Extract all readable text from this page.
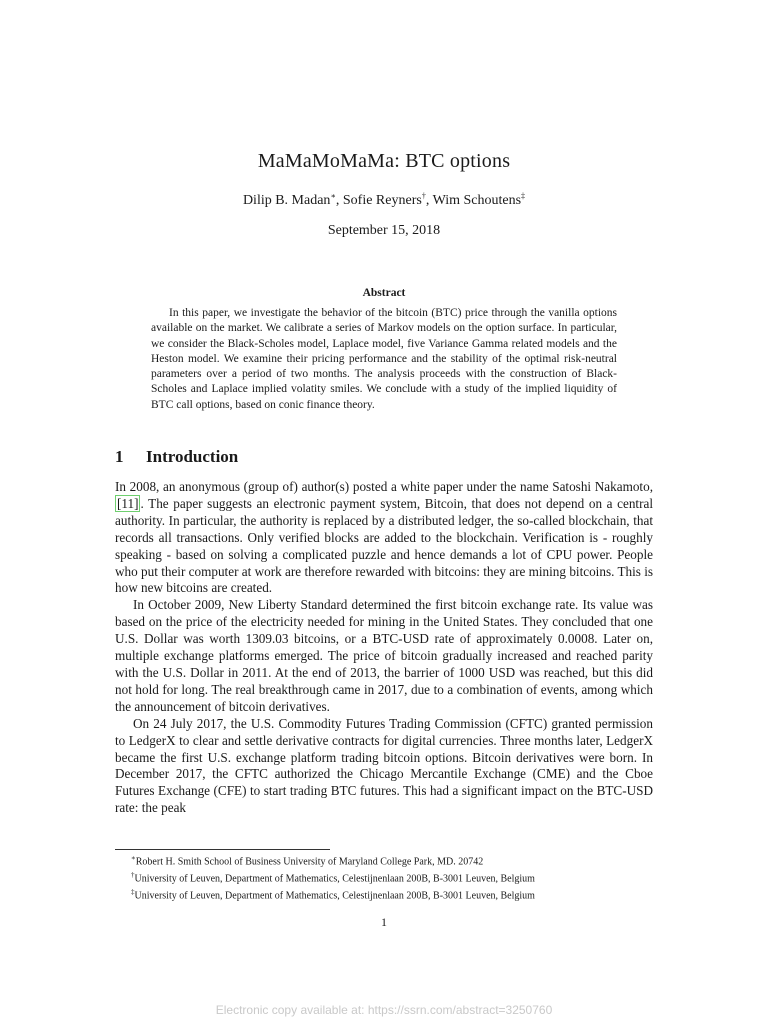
MaMaMoMaMa: BTC options
Dilip B. Madan∗, Sofie Reyners†, Wim Schoutens‡
September 15, 2018
Abstract
In this paper, we investigate the behavior of the bitcoin (BTC) price through the vanilla options available on the market. We calibrate a series of Markov models on the option surface. In particular, we consider the Black-Scholes model, Laplace model, five Variance Gamma related models and the Heston model. We examine their pricing performance and the stability of the optimal risk-neutral parameters over a period of two months. The analysis proceeds with the construction of Black-Scholes and Laplace implied volatity smiles. We conclude with a study of the implied liquidity of BTC call options, based on conic finance theory.
1 Introduction

In 2008, an anonymous (group of) author(s) posted a white paper under the name Satoshi Nakamoto, [11] . The paper suggests an electronic payment system, Bitcoin, that does not depend on a central authority. In particular, the authority is replaced by a distributed ledger, the so-called blockchain, that records all transactions. Only verified blocks are added to the blockchain. Verification is - roughly speaking - based on solving a complicated puzzle and hence demands a lot of CPU power. People who put their computer at work are therefore rewarded with bitcoins: they are mining bitcoins. This is how new bitcoins are created.

In October 2009, New Liberty Standard determined the first bitcoin exchange rate. Its value was based on the price of the electricity needed for mining in the United States. They concluded that one U.S. Dollar was worth 1309.03 bitcoins, or a BTC-USD rate of approximately 0.0008. Later on, multiple exchange platforms emerged. The price of bitcoin gradually increased and reached parity with the U.S. Dollar in 2011. At the end of 2013, the barrier of 1000 USD was reached, but this did not hold for long. The real breakthrough came in 2017, due to a combination of events, among which the announcement of bitcoin derivatives.

On 24 July 2017, the U.S. Commodity Futures Trading Commission (CFTC) granted permission to LedgerX to clear and settle derivative contracts for digital currencies. Three months later, LedgerX became the first U.S. exchange platform trading bitcoin options. Bitcoin derivatives were born. In December 2017, the CFTC authorized the Chicago Mercantile Exchange (CME) and the Cboe Futures Exchange (CFE) to start trading BTC futures. This had a significant impact on the BTC-USD rate: the peak

∗Robert H. Smith School of Business University of Maryland College Park, MD. 20742
†University of Leuven, Department of Mathematics, Celestijnenlaan 200B, B-3001 Leuven, Belgium
‡University of Leuven, Department of Mathematics, Celestijnenlaan 200B, B-3001 Leuven, Belgium
1
Electronic copy available at: https://ssrn.com/abstract=3250760
